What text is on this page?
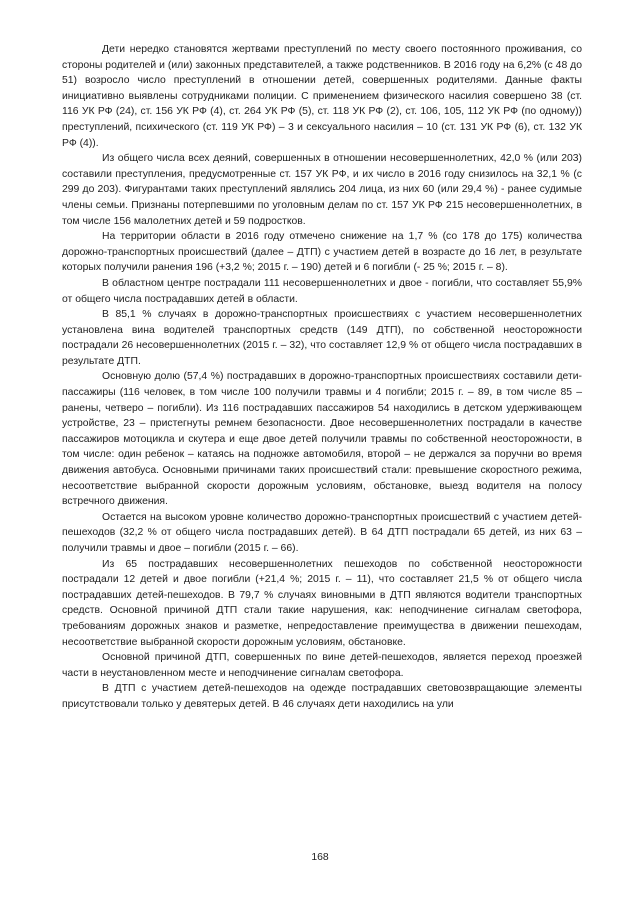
Дети нередко становятся жертвами преступлений по месту своего постоянного проживания, со стороны родителей и (или) законных представителей, а также родственников. В 2016 году на 6,2% (с 48 до 51) возросло число преступлений в отношении детей, совершенных родителями. Данные факты инициативно выявлены сотрудниками полиции. С применением физического насилия совершено 38 (ст. 116 УК РФ (24), ст. 156 УК РФ (4), ст. 264 УК РФ (5), ст. 118 УК РФ (2), ст. 106, 105, 112 УК РФ (по одному)) преступлений, психического (ст. 119 УК РФ) – 3 и сексуального насилия – 10 (ст. 131 УК РФ (6), ст. 132 УК РФ (4)).

Из общего числа всех деяний, совершенных в отношении несовершеннолетних, 42,0 % (или 203) составили преступления, предусмотренные ст. 157 УК РФ, и их число в 2016 году снизилось на 32,1 % (с 299 до 203). Фигурантами таких преступлений являлись 204 лица, из них 60 (или 29,4 %) - ранее судимые члены семьи. Признаны потерпевшими по уголовным делам по ст. 157 УК РФ 215 несовершеннолетних, в том числе 156 малолетних детей и 59 подростков.

На территории области в 2016 году отмечено снижение на 1,7 % (со 178 до 175) количества дорожно-транспортных происшествий (далее – ДТП) с участием детей в возрасте до 16 лет, в результате которых получили ранения 196 (+3,2 %; 2015 г. – 190) детей и 6 погибли (- 25 %; 2015 г. – 8).

В областном центре пострадали 111 несовершеннолетних и двое - погибли, что составляет 55,9% от общего числа пострадавших детей в области.

В 85,1 % случаях в дорожно-транспортных происшествиях с участием несовершеннолетних установлена вина водителей транспортных средств (149 ДТП), по собственной неосторожности пострадали 26 несовершеннолетних (2015 г. – 32), что составляет 12,9 % от общего числа пострадавших в результате ДТП.

Основную долю (57,4 %) пострадавших в дорожно-транспортных происшествиях составили дети-пассажиры (116 человек, в том числе 100 получили травмы и 4 погибли; 2015 г. – 89, в том числе 85 – ранены, четверо – погибли). Из 116 пострадавших пассажиров 54 находились в детском удерживающем устройстве, 23 – пристегнуты ремнем безопасности. Двое несовершеннолетних пострадали в качестве пассажиров мотоцикла и скутера и еще двое детей получили травмы по собственной неосторожности, в том числе: один ребенок – катаясь на подножке автомобиля, второй – не держался за поручни во время движения автобуса. Основными причинами таких происшествий стали: превышение скоростного режима, несоответствие выбранной скорости дорожным условиям, обстановке, выезд водителя на полосу встречного движения.

Остается на высоком уровне количество дорожно-транспортных происшествий с участием детей-пешеходов (32,2 % от общего числа пострадавших детей). В 64 ДТП пострадали 65 детей, из них 63 – получили травмы и двое – погибли (2015 г. – 66).

Из 65 пострадавших несовершеннолетних пешеходов по собственной неосторожности пострадали 12 детей и двое погибли (+21,4 %; 2015 г. – 11), что составляет 21,5 % от общего числа пострадавших детей-пешеходов. В 79,7 % случаях виновными в ДТП являются водители транспортных средств. Основной причиной ДТП стали такие нарушения, как: неподчинение сигналам светофора, требованиям дорожных знаков и разметке, непредоставление преимущества в движении пешеходам, несоответствие выбранной скорости дорожным условиям, обстановке.

Основной причиной ДТП, совершенных по вине детей-пешеходов, является переход проезжей части в неустановленном месте и неподчинение сигналам светофора.

В ДТП с участием детей-пешеходов на одежде пострадавших световозвращающие элементы присутствовали только у девятерых детей. В 46 случаях дети находились на ули

168
